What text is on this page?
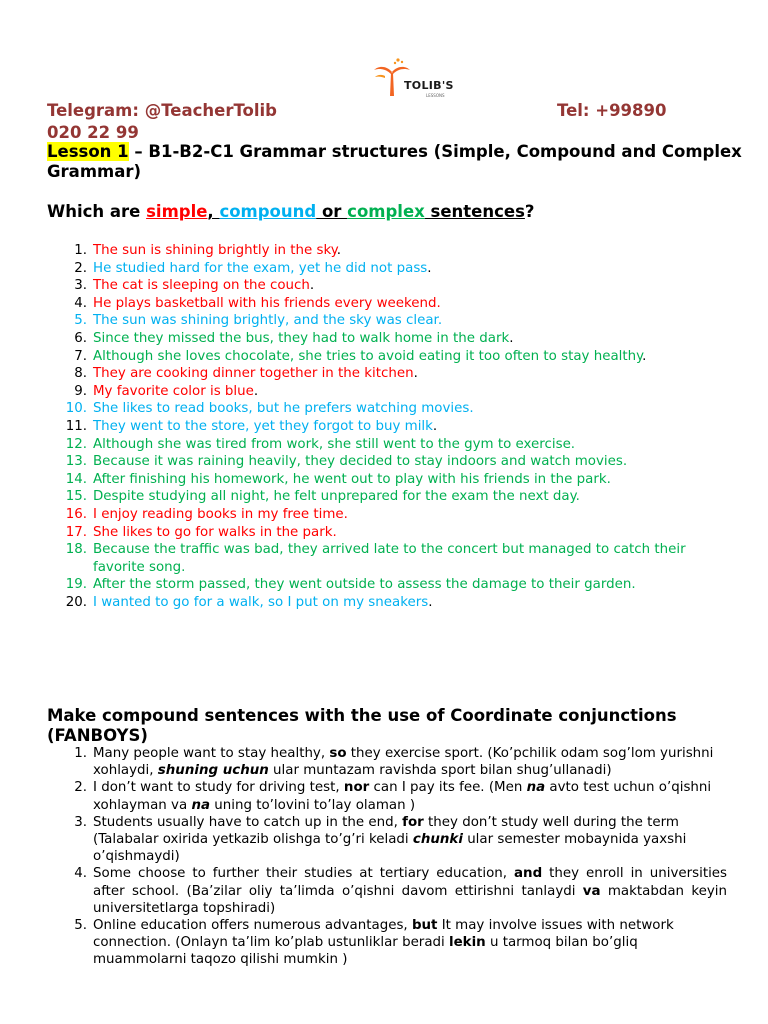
TOLIB'S
LESSONS
Telegram: @TeacherTolib	Tel: +99890
020 22 99
Lesson 1 – B1-B2-C1 Grammar structures (Simple, Compound and Complex Grammar)
Which are simple, compound or complex sentences?
1. The sun is shining brightly in the sky.
2. He studied hard for the exam, yet he did not pass.
3. The cat is sleeping on the couch.
4. He plays basketball with his friends every weekend.
5. The sun was shining brightly, and the sky was clear.
6. Since they missed the bus, they had to walk home in the dark.
7. Although she loves chocolate, she tries to avoid eating it too often to stay healthy.
8. They are cooking dinner together in the kitchen.
9. My favorite color is blue.
10. She likes to read books, but he prefers watching movies.
11. They went to the store, yet they forgot to buy milk.
12. Although she was tired from work, she still went to the gym to exercise.
13. Because it was raining heavily, they decided to stay indoors and watch movies.
14. After finishing his homework, he went out to play with his friends in the park.
15. Despite studying all night, he felt unprepared for the exam the next day.
16. I enjoy reading books in my free time.
17. She likes to go for walks in the park.
18. Because the traffic was bad, they arrived late to the concert but managed to catch their favorite song.
19. After the storm passed, they went outside to assess the damage to their garden.
20. I wanted to go for a walk, so I put on my sneakers.
Make compound sentences with the use of Coordinate conjunctions (FANBOYS)
1. Many people want to stay healthy, so they exercise sport. (Ko’pchilik odam sog’lom yurishni xohlaydi, shuning uchun ular muntazam ravishda sport bilan shug’ullanadi)
2. I don’t want to study for driving test, nor can I pay its fee. (Men na avto test uchun o’qishni xohlayman va na uning to’lovini to’lay olaman )
3. Students usually have to catch up in the end, for they don’t study well during the term (Talabalar oxirida yetkazib olishga to’g’ri keladi chunki ular semester mobaynida yaxshi o’qishmaydi)
4. Some choose to further their studies at tertiary education, and they enroll in universities after school. (Ba’zilar oliy ta’limda o’qishni davom ettirishni tanlaydi va maktabdan keyin universitetlarga topshiradi)
5. Online education offers numerous advantages, but It may involve issues with network connection. (Onlayn ta’lim ko’plab ustunliklar beradi lekin u tarmoq bilan bo’gliq muammolarni taqozo qilishi mumkin )
